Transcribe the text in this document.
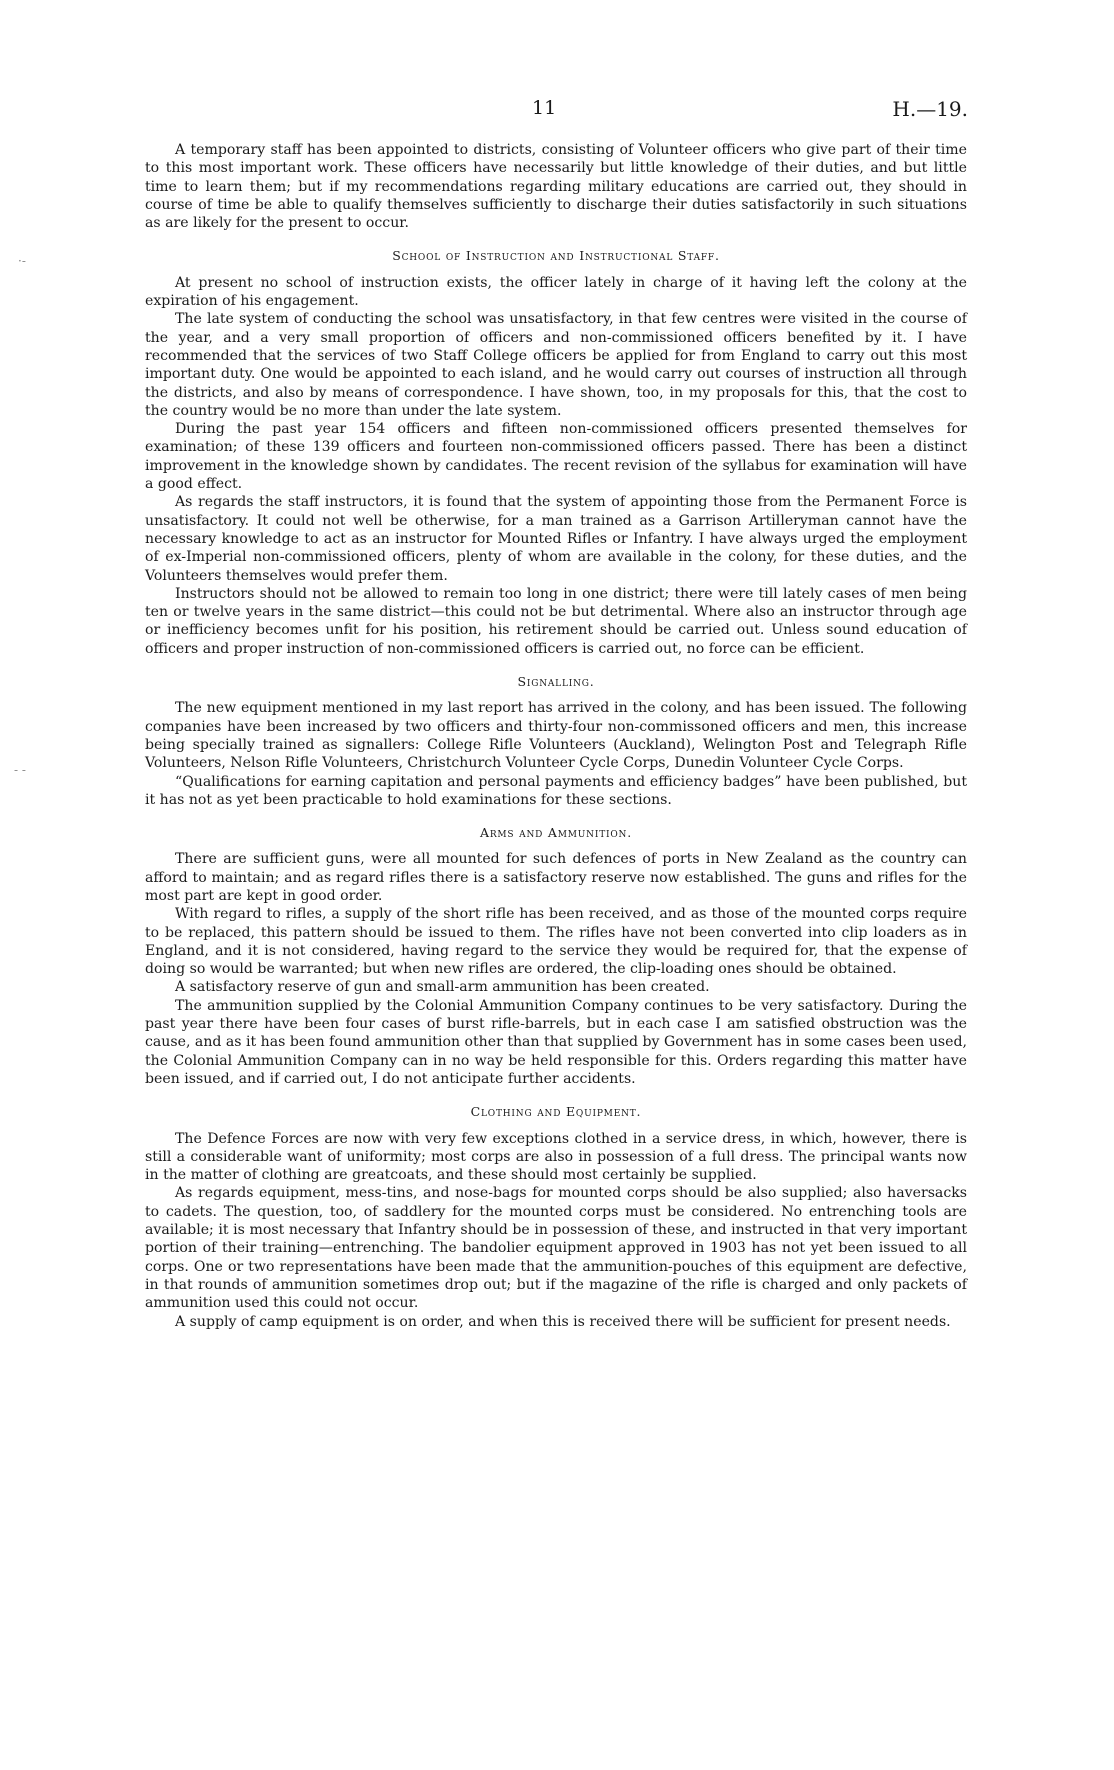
11	H.—19.
·‑
‑ ‑

A temporary staff has been appointed to districts, consisting of Volunteer officers who give part of their time to this most important work. These officers have necessarily but little knowledge of their duties, and but little time to learn them; but if my recommendations regarding military educations are carried out, they should in course of time be able to qualify themselves sufficiently to discharge their duties satisfactorily in such situations as are likely for the present to occur.

School of Instruction and Instructional Staff.

At present no school of instruction exists, the officer lately in charge of it having left the colony at the expiration of his engagement.

The late system of conducting the school was unsatisfactory, in that few centres were visited in the course of the year, and a very small proportion of officers and non-commissioned officers benefited by it. I have recommended that the services of two Staff College officers be applied for from England to carry out this most important duty. One would be appointed to each island, and he would carry out courses of instruction all through the districts, and also by means of correspondence. I have shown, too, in my proposals for this, that the cost to the country would be no more than under the late system.

During the past year 154 officers and fifteen non-commissioned officers presented themselves for examination; of these 139 officers and fourteen non-commissioned officers passed. There has been a distinct improvement in the knowledge shown by candidates. The recent revision of the syllabus for examination will have a good effect.

As regards the staff instructors, it is found that the system of appointing those from the Permanent Force is unsatisfactory. It could not well be otherwise, for a man trained as a Garrison Artilleryman cannot have the necessary knowledge to act as an instructor for Mounted Rifles or Infantry. I have always urged the employment of ex-Imperial non-commissioned officers, plenty of whom are available in the colony, for these duties, and the Volunteers themselves would prefer them.

Instructors should not be allowed to remain too long in one district; there were till lately cases of men being ten or twelve years in the same district—this could not be but detrimental. Where also an instructor through age or inefficiency becomes unfit for his position, his retirement should be carried out. Unless sound education of officers and proper instruction of non-commissioned officers is carried out, no force can be efficient.

Signalling.

The new equipment mentioned in my last report has arrived in the colony, and has been issued. The following companies have been increased by two officers and thirty-four non-commissoned officers and men, this increase being specially trained as signallers: College Rifle Volunteers (Auckland), Welington Post and Telegraph Rifle Volunteers, Nelson Rifle Volunteers, Christchurch Volunteer Cycle Corps, Dunedin Volunteer Cycle Corps.

“Qualifications for earning capitation and personal payments and efficiency badges” have been published, but it has not as yet been practicable to hold examinations for these sections.

Arms and Ammunition.

There are sufficient guns, were all mounted for such defences of ports in New Zealand as the country can afford to maintain; and as regard rifles there is a satisfactory reserve now established. The guns and rifles for the most part are kept in good order.

With regard to rifles, a supply of the short rifle has been received, and as those of the mounted corps require to be replaced, this pattern should be issued to them. The rifles have not been converted into clip loaders as in England, and it is not considered, having regard to the service they would be required for, that the expense of doing so would be warranted; but when new rifles are ordered, the clip-loading ones should be obtained.

A satisfactory reserve of gun and small-arm ammunition has been created.

The ammunition supplied by the Colonial Ammunition Company continues to be very satisfactory. During the past year there have been four cases of burst rifle-barrels, but in each case I am satisfied obstruction was the cause, and as it has been found ammunition other than that supplied by Government has in some cases been used, the Colonial Ammunition Company can in no way be held responsible for this. Orders regarding this matter have been issued, and if carried out, I do not anticipate further accidents.

Clothing and Equipment.

The Defence Forces are now with very few exceptions clothed in a service dress, in which, however, there is still a considerable want of uniformity; most corps are also in possession of a full dress. The principal wants now in the matter of clothing are greatcoats, and these should most certainly be supplied.

As regards equipment, mess-tins, and nose-bags for mounted corps should be also supplied; also haversacks to cadets. The question, too, of saddlery for the mounted corps must be considered. No entrenching tools are available; it is most necessary that Infantry should be in possession of these, and instructed in that very important portion of their training—entrenching. The bandolier equipment approved in 1903 has not yet been issued to all corps. One or two representations have been made that the ammunition-pouches of this equipment are defective, in that rounds of ammunition sometimes drop out; but if the magazine of the rifle is charged and only packets of ammunition used this could not occur.

A supply of camp equipment is on order, and when this is received there will be sufficient for present needs.
